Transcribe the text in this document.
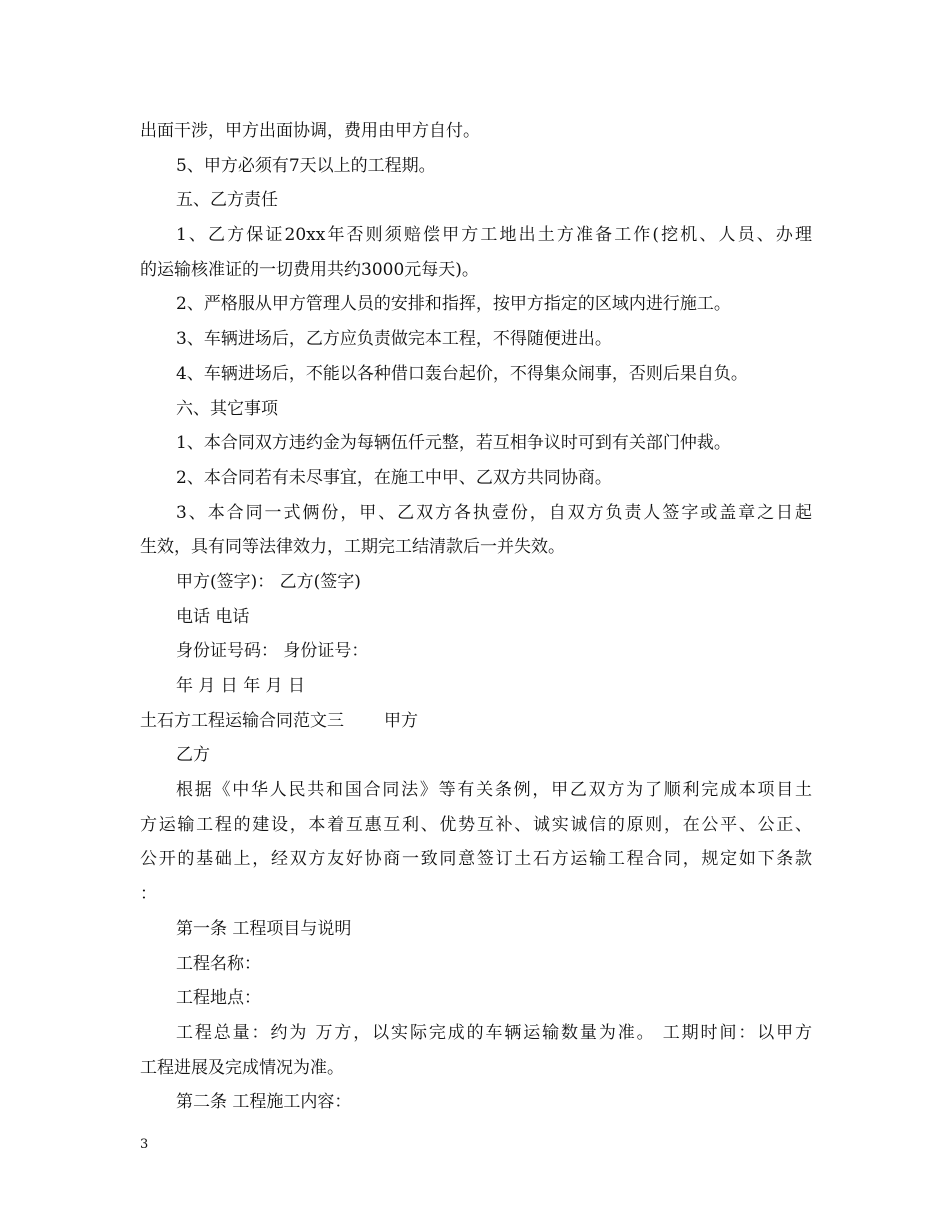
出面干涉，甲方出面协调，费用由甲方自付。
5、甲方必须有7天以上的工程期。
五、乙方责任
1、乙方保证20xx年否则须赔偿甲方工地出土方准备工作(挖机、人员、办理
的运输核准证的一切费用共约3000元每天)。
2、严格服从甲方管理人员的安排和指挥，按甲方指定的区域内进行施工。
3、车辆进场后，乙方应负责做完本工程，不得随便进出。
4、车辆进场后，不能以各种借口轰台起价，不得集众闹事，否则后果自负。
六、其它事项
1、本合同双方违约金为每辆伍仟元整，若互相争议时可到有关部门仲裁。
2、本合同若有未尽事宜，在施工中甲、乙双方共同协商。
3、本合同一式俩份，甲、乙双方各执壹份，自双方负责人签字或盖章之日起
生效，具有同等法律效力，工期完工结清款后一并失效。
甲方(签字)： 乙方(签字)
电话 电话
身份证号码： 身份证号：
年 月 日 年 月 日
土石方工程运输合同范文三 甲方
乙方
根据《中华人民共和国合同法》等有关条例，甲乙双方为了顺利完成本项目土
方运输工程的建设，本着互惠互利、优势互补、诚实诚信的原则，在公平、公正、
公开的基础上，经双方友好协商一致同意签订土石方运输工程合同，规定如下条款
：
第一条 工程项目与说明
工程名称：
工程地点：
工程总量：约为 万方，以实际完成的车辆运输数量为准。 工期时间：以甲方
工程进展及完成情况为准。
第二条 工程施工内容：
3
